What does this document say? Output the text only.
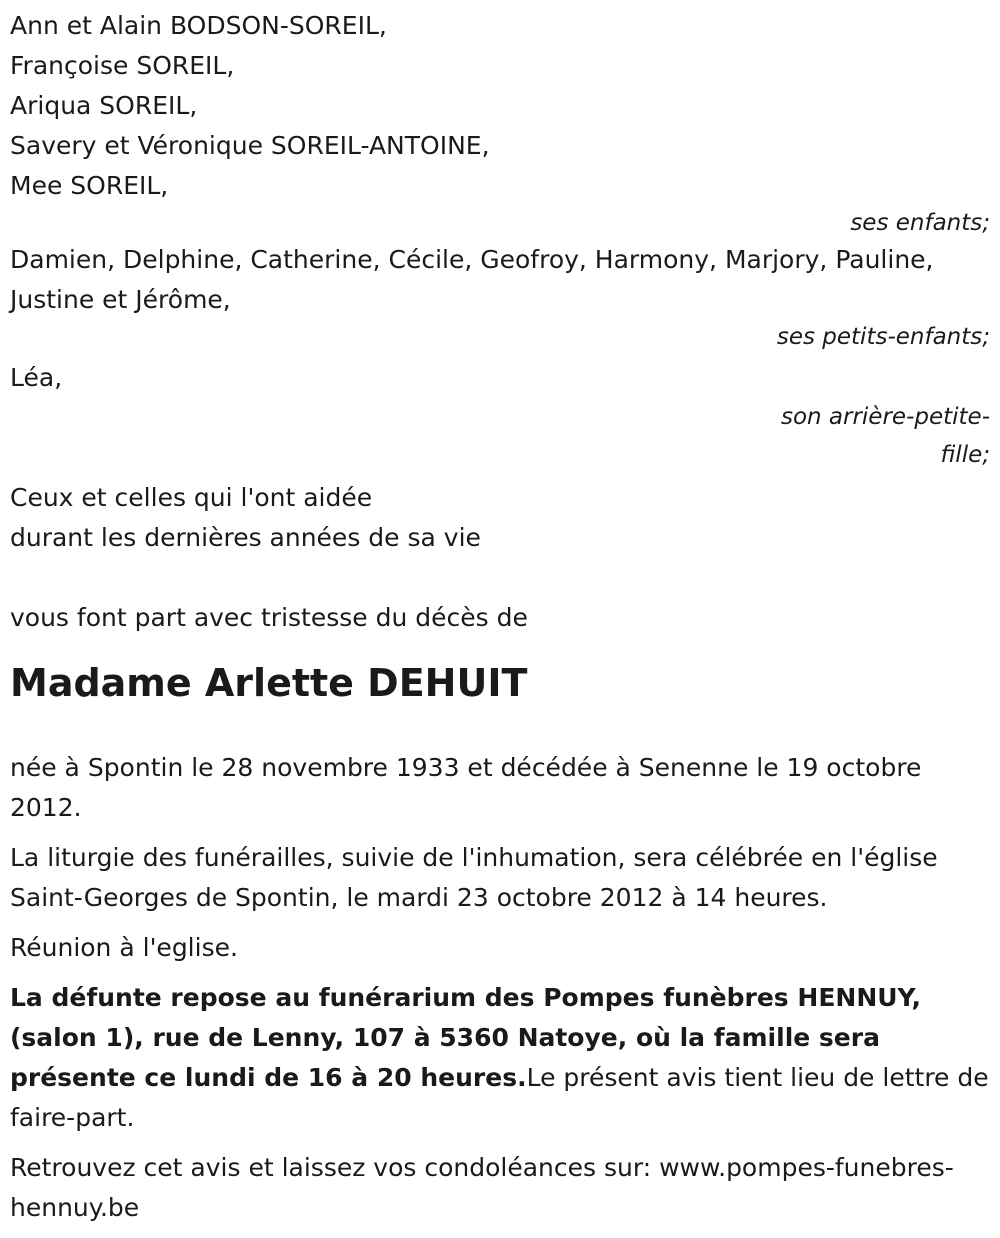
Ann et Alain BODSON-SOREIL,

Françoise SOREIL,

Ariqua SOREIL,

Savery et Véronique SOREIL-ANTOINE,

Mee SOREIL,

ses enfants;

Damien, Delphine, Catherine, Cécile, Geofroy, Harmony, Marjory, Pauline, Justine et Jérôme,

ses petits-enfants;

Léa,

son arrière-petite-fille;

Ceux et celles qui l'ont aidée

durant les dernières années de sa vie

vous font part avec tristesse du décès de

Madame Arlette DEHUIT

née à Spontin le 28 novembre 1933 et décédée à Senenne le 19 octobre 2012.

La liturgie des funérailles, suivie de l'inhumation, sera célébrée en l'église Saint-Georges de Spontin, le mardi 23 octobre 2012 à 14 heures.

Réunion à l'eglise.

La défunte repose au funérarium des Pompes funèbres HENNUY, (salon 1), rue de Lenny, 107 à 5360 Natoye, où la famille sera présente ce lundi de 16 à 20 heures.Le présent avis tient lieu de lettre de faire-part.

Retrouvez cet avis et laissez vos condoléances sur: www.pompes-funebres-hennuy.be
